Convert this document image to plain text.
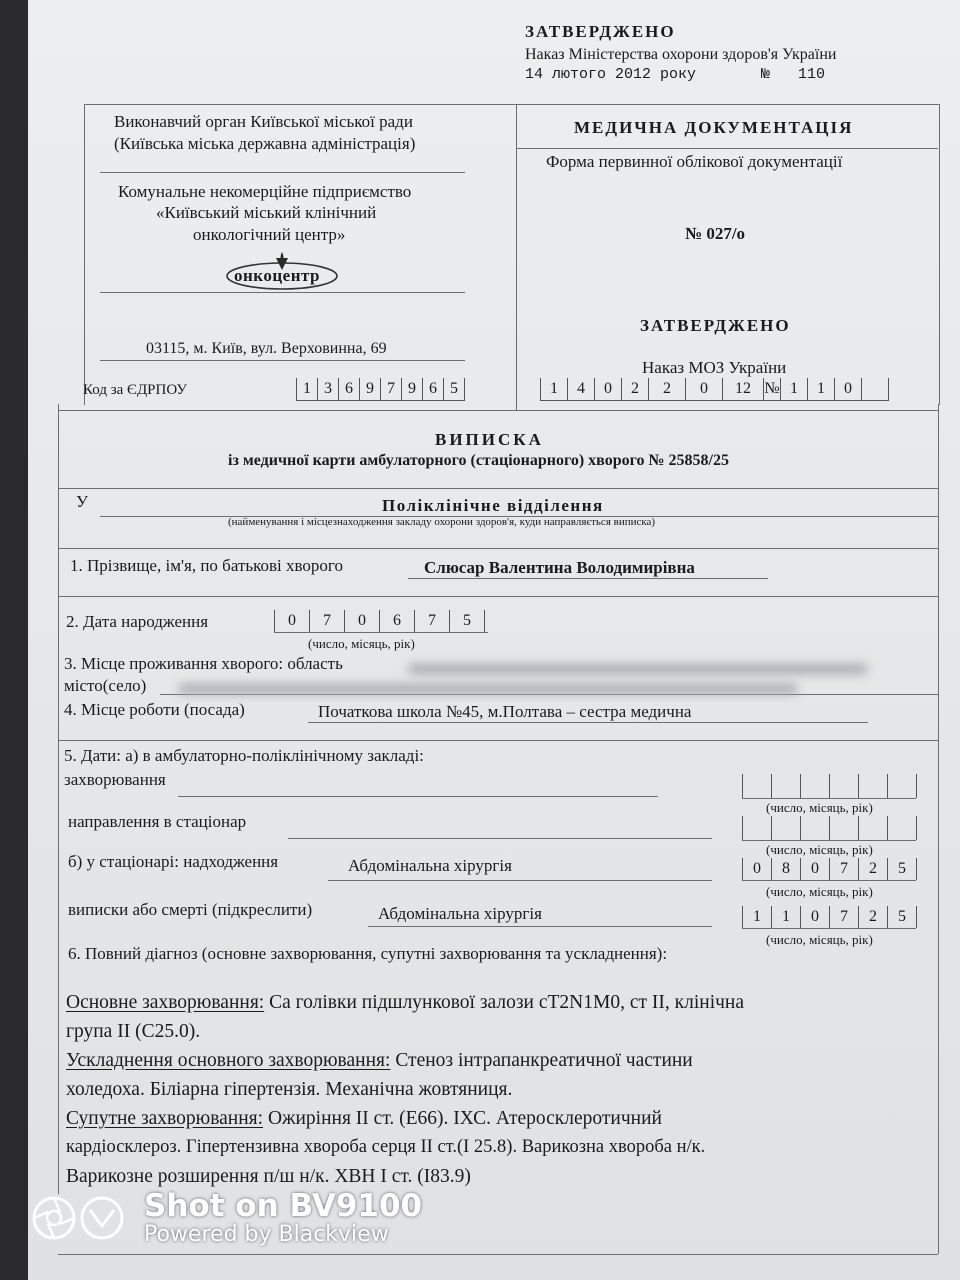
ЗАТВЕРДЖЕНО
Наказ Міністерства охорони здоров'я України
14 лютого 2012 року	№ 110
Виконавчий орган Київської міської ради
(Київська міська державна адміністрація)
Комунальне некомерційне підприємство
«Київський міський клінічний
онкологічний центр»
онкоцентр
03115, м. Київ, вул. Верховинна, 69
Код за ЄДРПОУ	1 3 6 9 7 9 6 5
МЕДИЧНА ДОКУМЕНТАЦІЯ
Форма первинної облікової документації
№ 027/о
ЗАТВЕРДЖЕНО
Наказ МОЗ України
1	4	0	2	2	0	12 № 1	1	0
ВИПИСКА
із медичної карти амбулаторного (стаціонарного) хворого № 25858/25
У	Поліклінічне відділення
(найменування і місцезнаходження закладу охорони здоров'я, куди направляється виписка)
1. Прізвище, ім'я, по батькові хворого	Слюсар Валентина Володимирівна
2. Дата народження	0	7	0	6	7	5
(число, місяць, рік)
3. Місце проживання хворого: область
місто(село)
4. Місце роботи (посада)	Початкова школа №45, м.Полтава – сестра медична
5. Дати: а) в амбулаторно-поліклінічному закладі:
захворювання
(число, місяць, рік)
направлення в стаціонар
(число, місяць, рік)
б) у стаціонарі: надходження	Абдомінальна хірургія	0	8	0	7	2	5
(число, місяць, рік)
виписки або смерті (підкреслити)	Абдомінальна хірургія	1	1	0	7	2	5
(число, місяць, рік)
6. Повний діагноз (основне захворювання, супутні захворювання та ускладнення):
Основне захворювання: Са голівки підшлункової залози сТ2N1M0, ст ІІ, клінічна
група ІІ (С25.0).
Ускладнення основного захворювання: Стеноз інтрапанкреатичної частини
холедоха. Біліарна гіпертензія. Механічна жовтяниця.
Супутне захворювання: Ожиріння ІІ ст. (Е66). ІХС. Атеросклеротичний
кардіосклероз. Гіпертензивна хвороба серця ІІ ст.(І 25.8). Варикозна хвороба н/к.
Варикозне розширення п/ш н/к. ХВН І ст. (І83.9)
Shot on BV9100
Powered by Blackview
